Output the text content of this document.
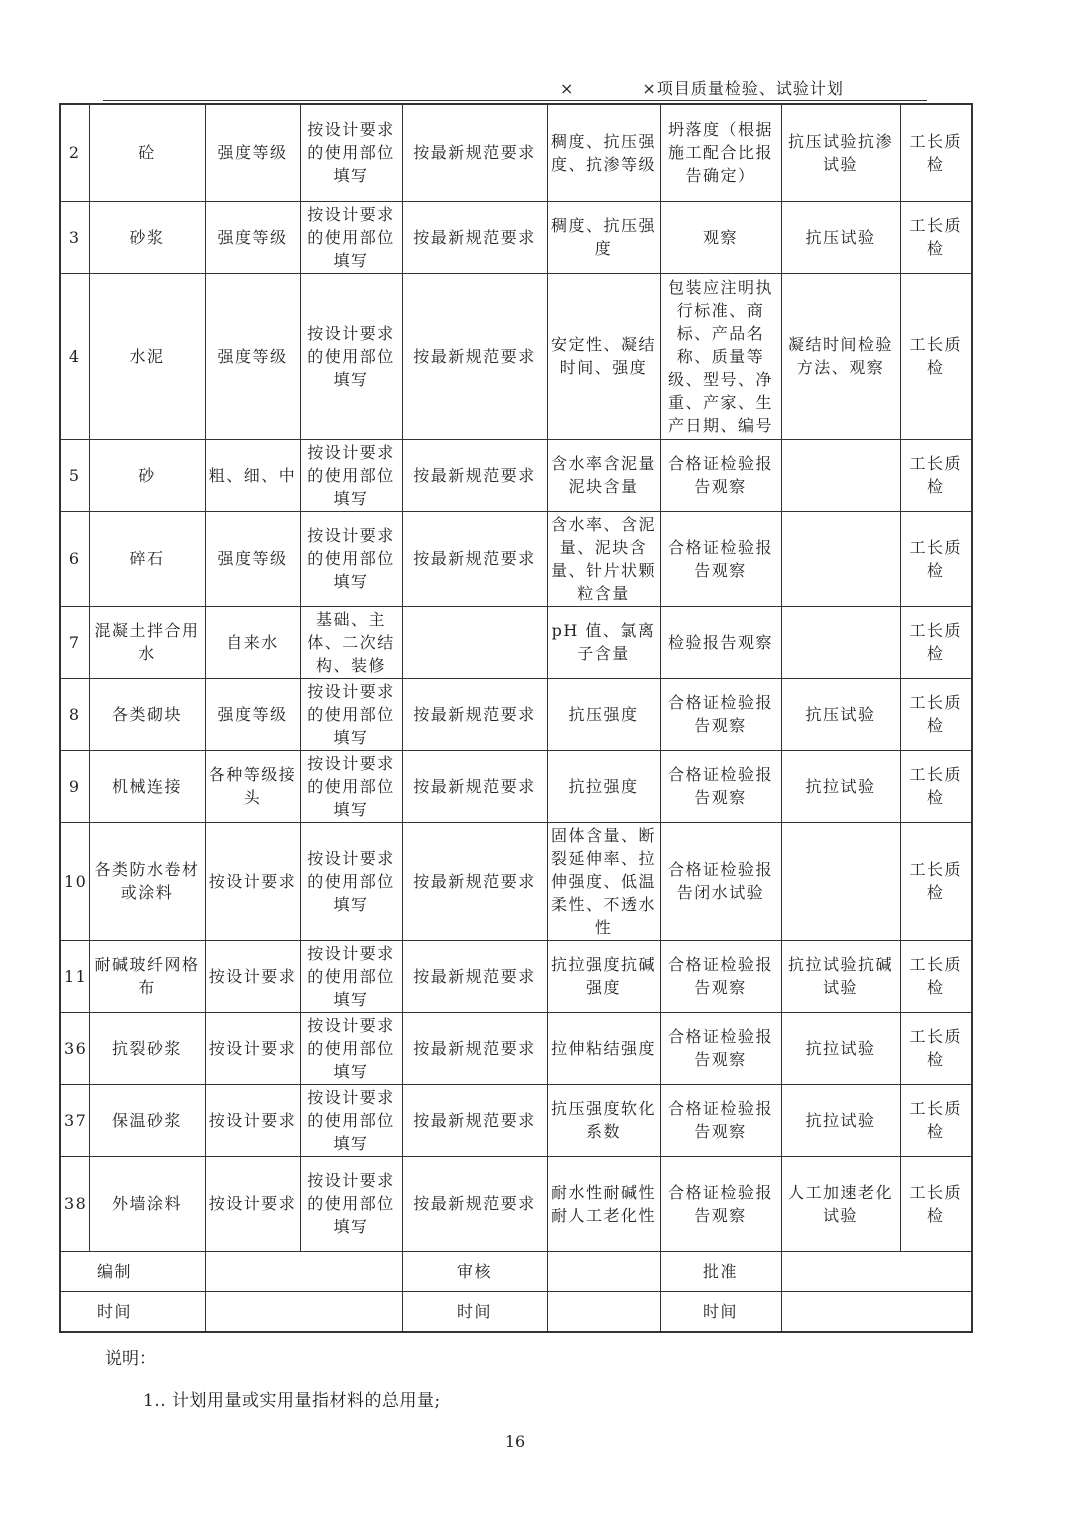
×　　　　×项目质量检验、试验计划
2	砼	强度等级	按设计要求的使用部位填写	按最新规范要求	稠度、抗压强度、抗渗等级	坍落度（根据施工配合比报告确定）	抗压试验抗渗试验	工长质检
3	砂浆	强度等级	按设计要求的使用部位填写	按最新规范要求	稠度、抗压强度	观察	抗压试验	工长质检
4	水泥	强度等级	按设计要求的使用部位填写	按最新规范要求	安定性、凝结时间、强度	包装应注明执行标准、商标、产品名称、质量等级、型号、净重、产家、生产日期、编号	凝结时间检验方法、观察	工长质检
5	砂	粗、细、中	按设计要求的使用部位填写	按最新规范要求	含水率含泥量泥块含量	合格证检验报告观察		工长质检
6	碎石	强度等级	按设计要求的使用部位填写	按最新规范要求	含水率、含泥量、泥块含量、针片状颗粒含量	合格证检验报告观察		工长质检
7	混凝土拌合用水	自来水	基础、主体、二次结构、装修		pH 值、氯离子含量	检验报告观察		工长质检
8	各类砌块	强度等级	按设计要求的使用部位填写	按最新规范要求	抗压强度	合格证检验报告观察	抗压试验	工长质检
9	机械连接	各种等级接头	按设计要求的使用部位填写	按最新规范要求	抗拉强度	合格证检验报告观察	抗拉试验	工长质检
10	各类防水卷材或涂料	按设计要求	按设计要求的使用部位填写	按最新规范要求	固体含量、断裂延伸率、拉伸强度、低温柔性、不透水性	合格证检验报告闭水试验		工长质检
11	耐碱玻纤网格布	按设计要求	按设计要求的使用部位填写	按最新规范要求	抗拉强度抗碱强度	合格证检验报告观察	抗拉试验抗碱试验	工长质检
36	抗裂砂浆	按设计要求	按设计要求的使用部位填写	按最新规范要求	拉伸粘结强度	合格证检验报告观察	抗拉试验	工长质检
37	保温砂浆	按设计要求	按设计要求的使用部位填写	按最新规范要求	抗压强度软化系数	合格证检验报告观察	抗拉试验	工长质检
38	外墙涂料	按设计要求	按设计要求的使用部位填写	按最新规范要求	耐水性耐碱性耐人工老化性	合格证检验报告观察	人工加速老化试验	工长质检
编制				审核		批准		
时间				时间		时间		
说明：
1.. 计划用量或实用量指材料的总用量;
16
